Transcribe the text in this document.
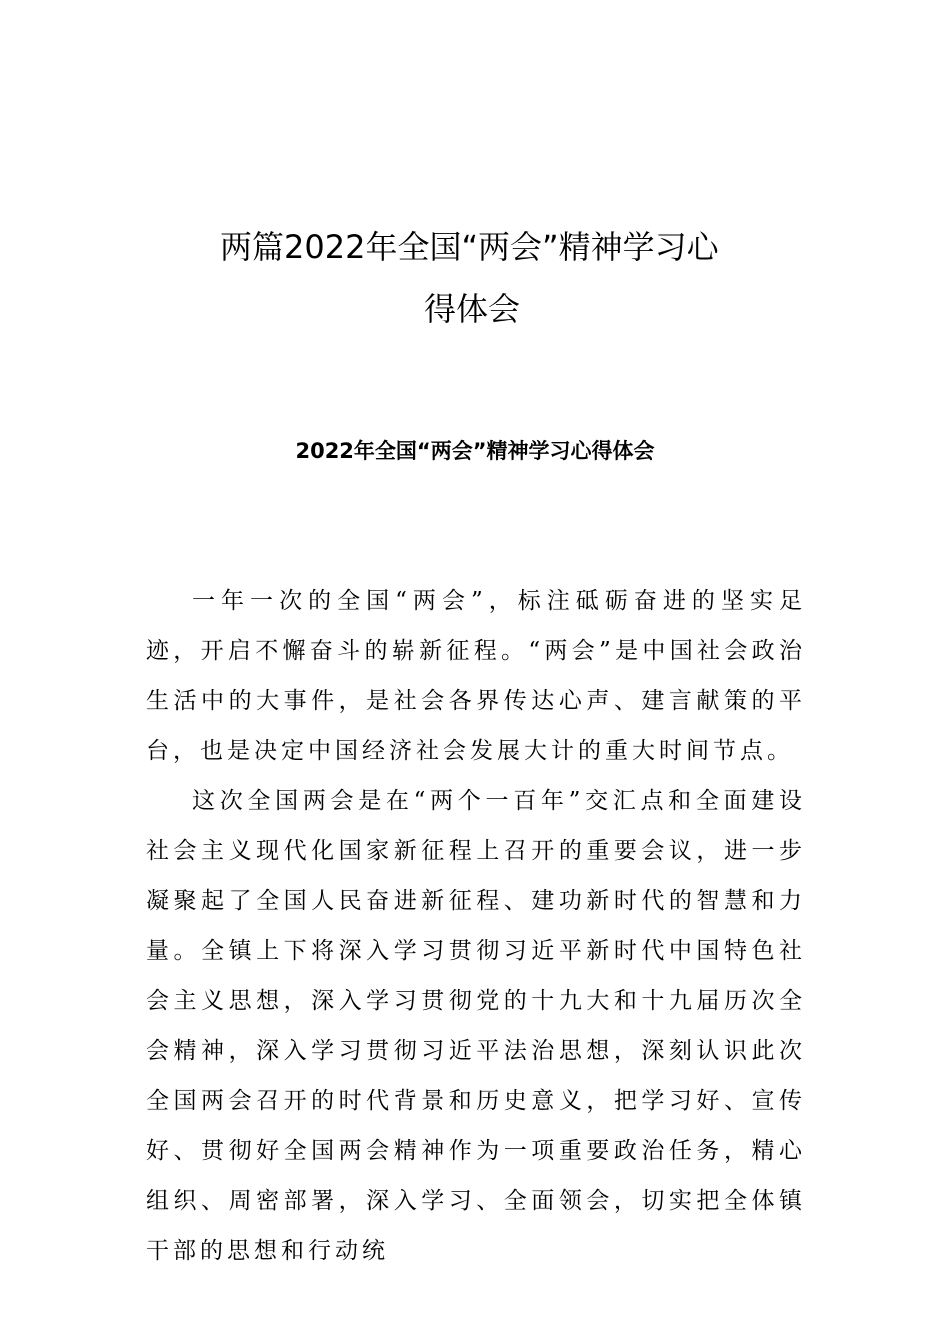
两篇2022年全国“两会”精神学习心
得体会
2022年全国“两会”精神学习心得体会

一年一次的全国“两会”，标注砥砺奋进的坚实足迹，开启不懈奋斗的崭新征程。“两会”是中国社会政治生活中的大事件，是社会各界传达心声、建言献策的平台，也是决定中国经济社会发展大计的重大时间节点。

这次全国两会是在“两个一百年”交汇点和全面建设社会主义现代化国家新征程上召开的重要会议，进一步凝聚起了全国人民奋进新征程、建功新时代的智慧和力量。全镇上下将深入学习贯彻习近平新时代中国特色社会主义思想，深入学习贯彻党的十九大和十九届历次全会精神，深入学习贯彻习近平法治思想，深刻认识此次全国两会召开的时代背景和历史意义，把学习好、宣传好、贯彻好全国两会精神作为一项重要政治任务，精心组织、周密部署，深入学习、全面领会，切实把全体镇干部的思想和行动统
